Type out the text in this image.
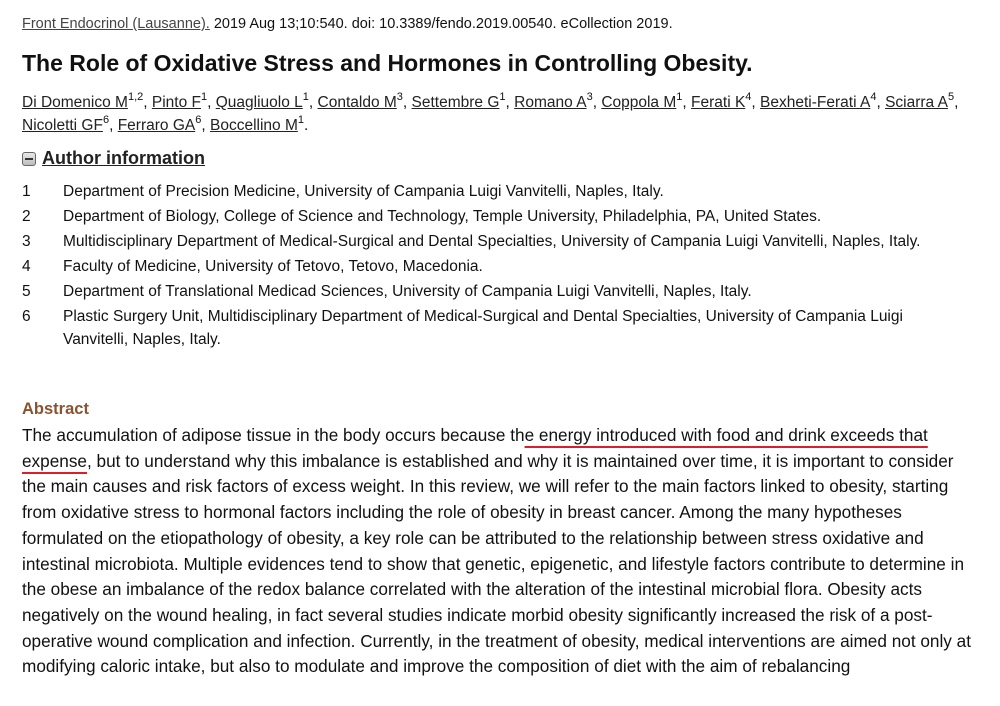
Front Endocrinol (Lausanne). 2019 Aug 13;10:540. doi: 10.3389/fendo.2019.00540. eCollection 2019.
The Role of Oxidative Stress and Hormones in Controlling Obesity.
Di Domenico M$^{1,2}$, Pinto $F^1$, Quagliuolo $L^1$, Contaldo $M^3$, Settembre $G^1$, Romano $A^3$, Coppola $M^1$, Ferati $K^4$, Bexheti-Ferati $A^4$, Sciarra $A^5$, Nicoletti $GF^6$, Ferraro $GA^6$, Boccellino $M^1$.
Author information
1	Department of Precision Medicine, University of Campania Luigi Vanvitelli, Naples, Italy.
2	Department of Biology, College of Science and Technology, Temple University, Philadelphia, PA, United States.
3	Multidisciplinary Department of Medical-Surgical and Dental Specialties, University of Campania Luigi Vanvitelli, Naples, Italy.
4	Faculty of Medicine, University of Tetovo, Tetovo, Macedonia.
5	Department of Translational Medicad Sciences, University of Campania Luigi Vanvitelli, Naples, Italy.
6	Plastic Surgery Unit, Multidisciplinary Department of Medical-Surgical and Dental Specialties, University of Campania Luigi Vanvitelli, Naples, Italy.
Abstract

The accumulation of adipose tissue in the body occurs because the energy introduced with food and drink exceeds that expense, but to understand why this imbalance is established and why it is maintained over time, it is important to consider the main causes and risk factors of excess weight. In this review, we will refer to the main factors linked to obesity, starting from oxidative stress to hormonal factors including the role of obesity in breast cancer. Among the many hypotheses formulated on the etiopathology of obesity, a key role can be attributed to the relationship between stress oxidative and intestinal microbiota. Multiple evidences tend to show that genetic, epigenetic, and lifestyle factors contribute to determine in the obese an imbalance of the redox balance correlated with the alteration of the intestinal microbial flora. Obesity acts negatively on the wound healing, in fact several studies indicate morbid obesity significantly increased the risk of a post-operative wound complication and infection. Currently, in the treatment of obesity, medical interventions are aimed not only at modifying caloric intake, but also to modulate and improve the composition of diet with the aim of rebalancing
